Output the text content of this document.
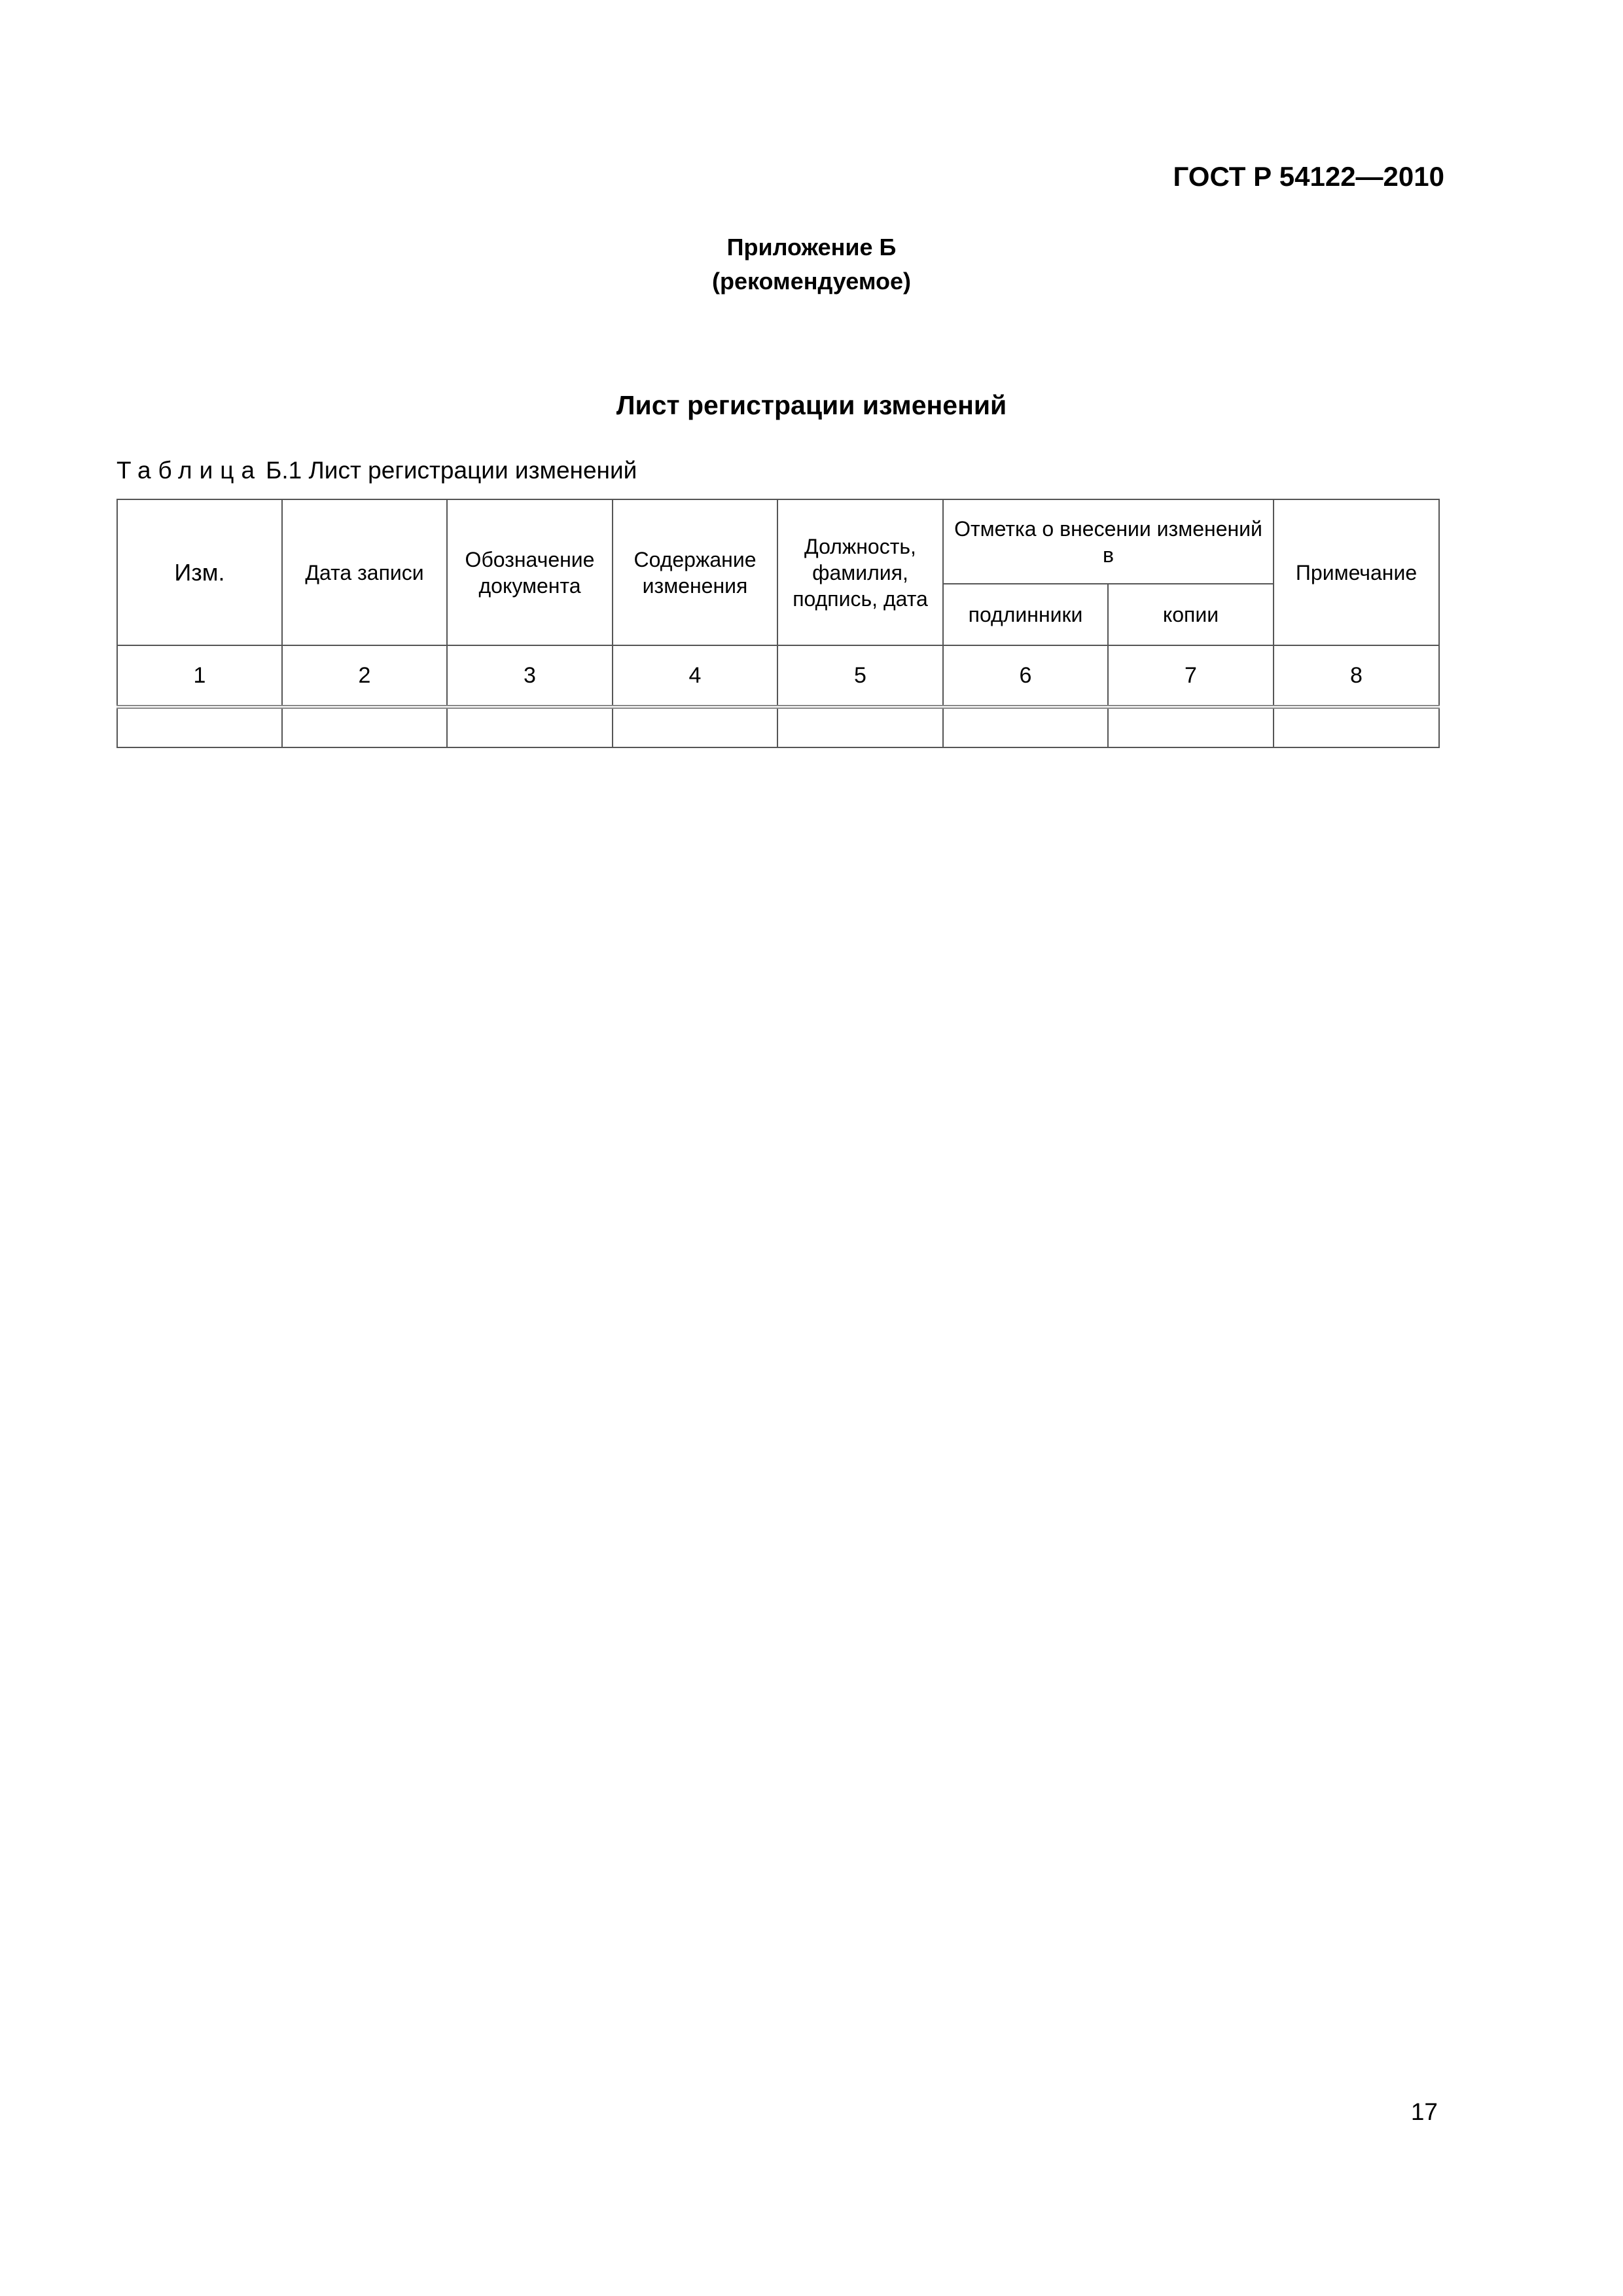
ГОСТ Р 54122—2010
Приложение Б
(рекомендуемое)
Лист регистрации изменений
Таблица Б.1 Лист регистрации изменений
Изм.	Дата записи	Обозначение документа	Содержание изменения	Должность, фамилия, подпись, дата	Отметка о внесении изменений в		Примечание
					подлинники	копии	
1	2	3	4	5	6	7	8

17
